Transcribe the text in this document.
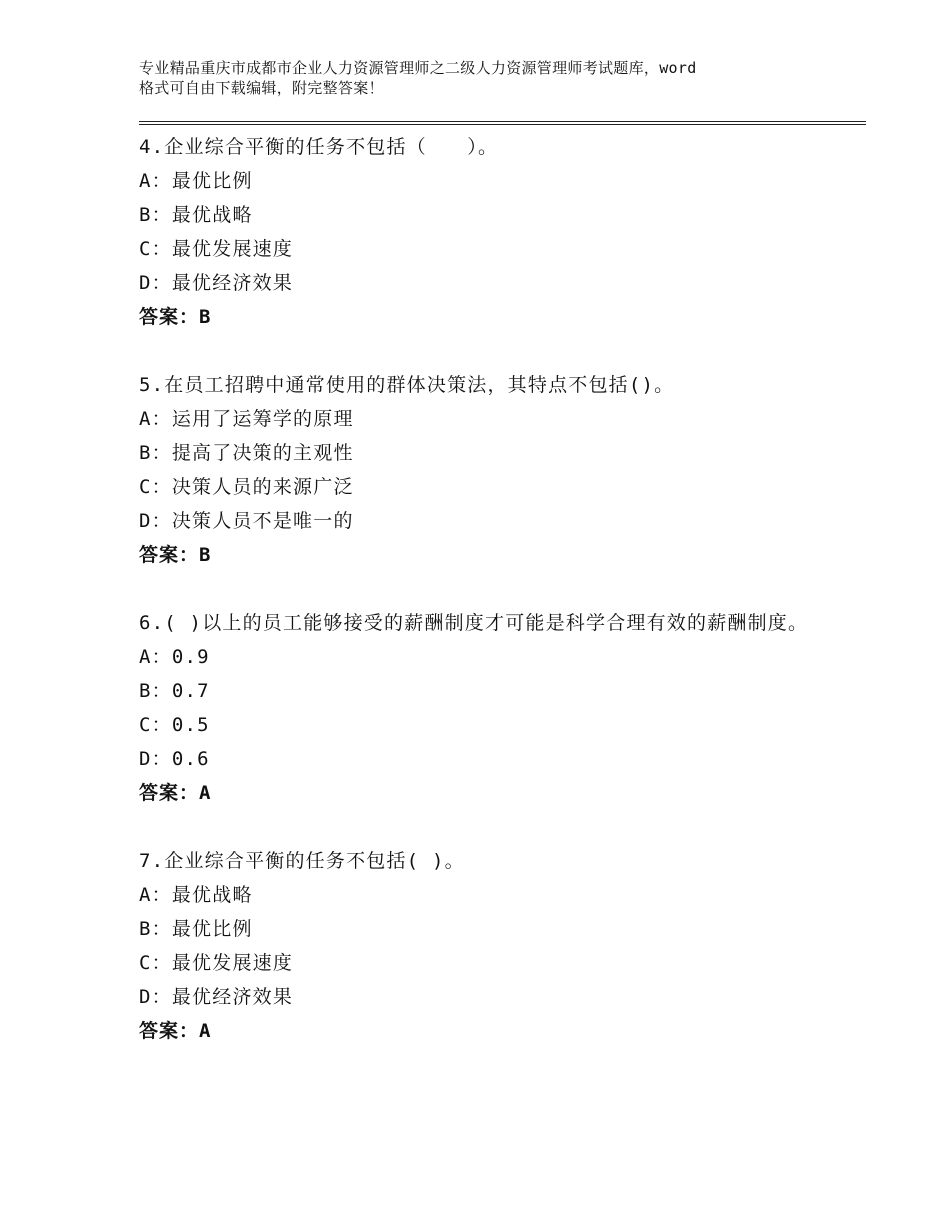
专业精品重庆市成都市企业人力资源管理师之二级人力资源管理师考试题库，word
格式可自由下载编辑，附完整答案！
4.企业综合平衡的任务不包括（　　）。
A：最优比例
B：最优战略
C：最优发展速度
D：最优经济效果
答案：B
5.在员工招聘中通常使用的群体决策法，其特点不包括()。
A：运用了运筹学的原理
B：提高了决策的主观性
C：决策人员的来源广泛
D：决策人员不是唯一的
答案：B
6.( )以上的员工能够接受的薪酬制度才可能是科学合理有效的薪酬制度。
A：0.9
B：0.7
C：0.5
D：0.6
答案：A
7.企业综合平衡的任务不包括( )。
A：最优战略
B：最优比例
C：最优发展速度
D：最优经济效果
答案：A
